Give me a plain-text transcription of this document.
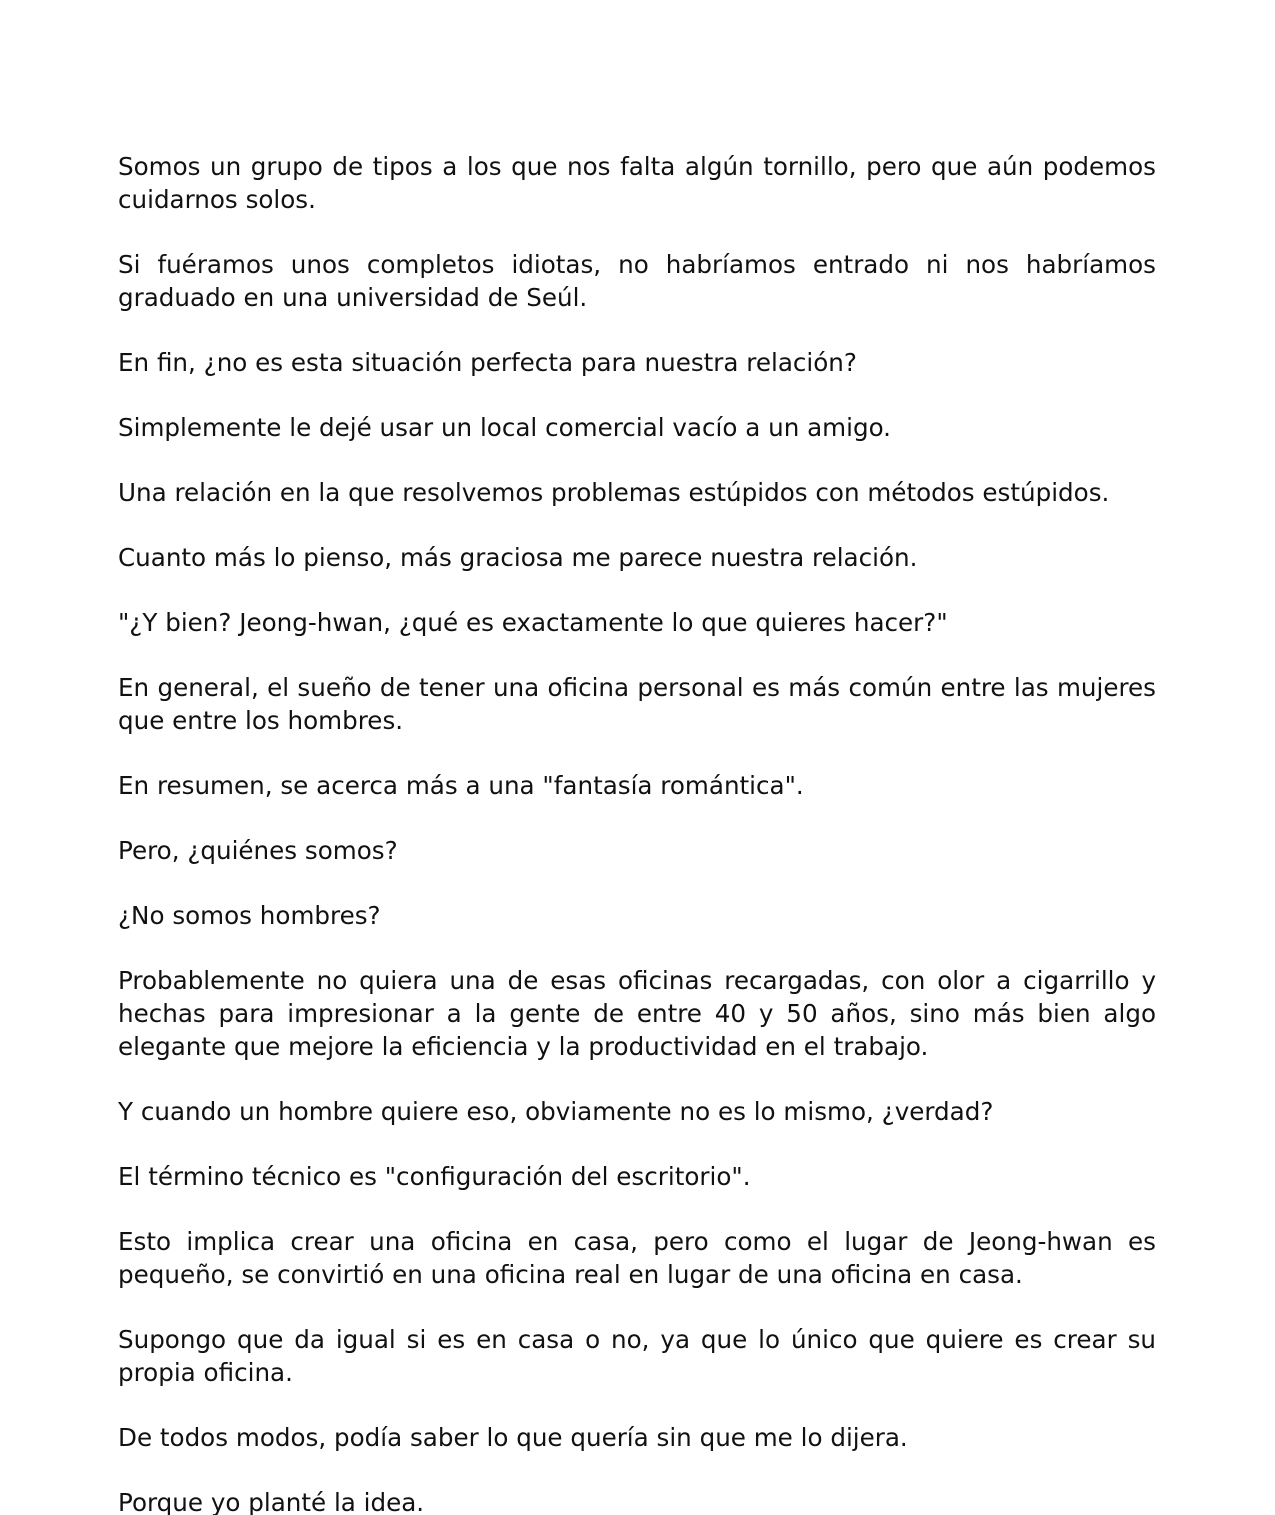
Somos un grupo de tipos a los que nos falta algún tornillo, pero que aún podemos cuidarnos solos.

Si fuéramos unos completos idiotas, no habríamos entrado ni nos habríamos graduado en una universidad de Seúl.

En fin, ¿no es esta situación perfecta para nuestra relación?

Simplemente le dejé usar un local comercial vacío a un amigo.

Una relación en la que resolvemos problemas estúpidos con métodos estúpidos.

Cuanto más lo pienso, más graciosa me parece nuestra relación.

"¿Y bien? Jeong-hwan, ¿qué es exactamente lo que quieres hacer?"

En general, el sueño de tener una oficina personal es más común entre las mujeres que entre los hombres.

En resumen, se acerca más a una "fantasía romántica".

Pero, ¿quiénes somos?

¿No somos hombres?

Probablemente no quiera una de esas oficinas recargadas, con olor a cigarrillo y hechas para impresionar a la gente de entre 40 y 50 años, sino más bien algo elegante que mejore la eficiencia y la productividad en el trabajo.

Y cuando un hombre quiere eso, obviamente no es lo mismo, ¿verdad?

El término técnico es "configuración del escritorio".

Esto implica crear una oficina en casa, pero como el lugar de Jeong-hwan es pequeño, se convirtió en una oficina real en lugar de una oficina en casa.

Supongo que da igual si es en casa o no, ya que lo único que quiere es crear su propia oficina.

De todos modos, podía saber lo que quería sin que me lo dijera.

Porque yo planté la idea.
